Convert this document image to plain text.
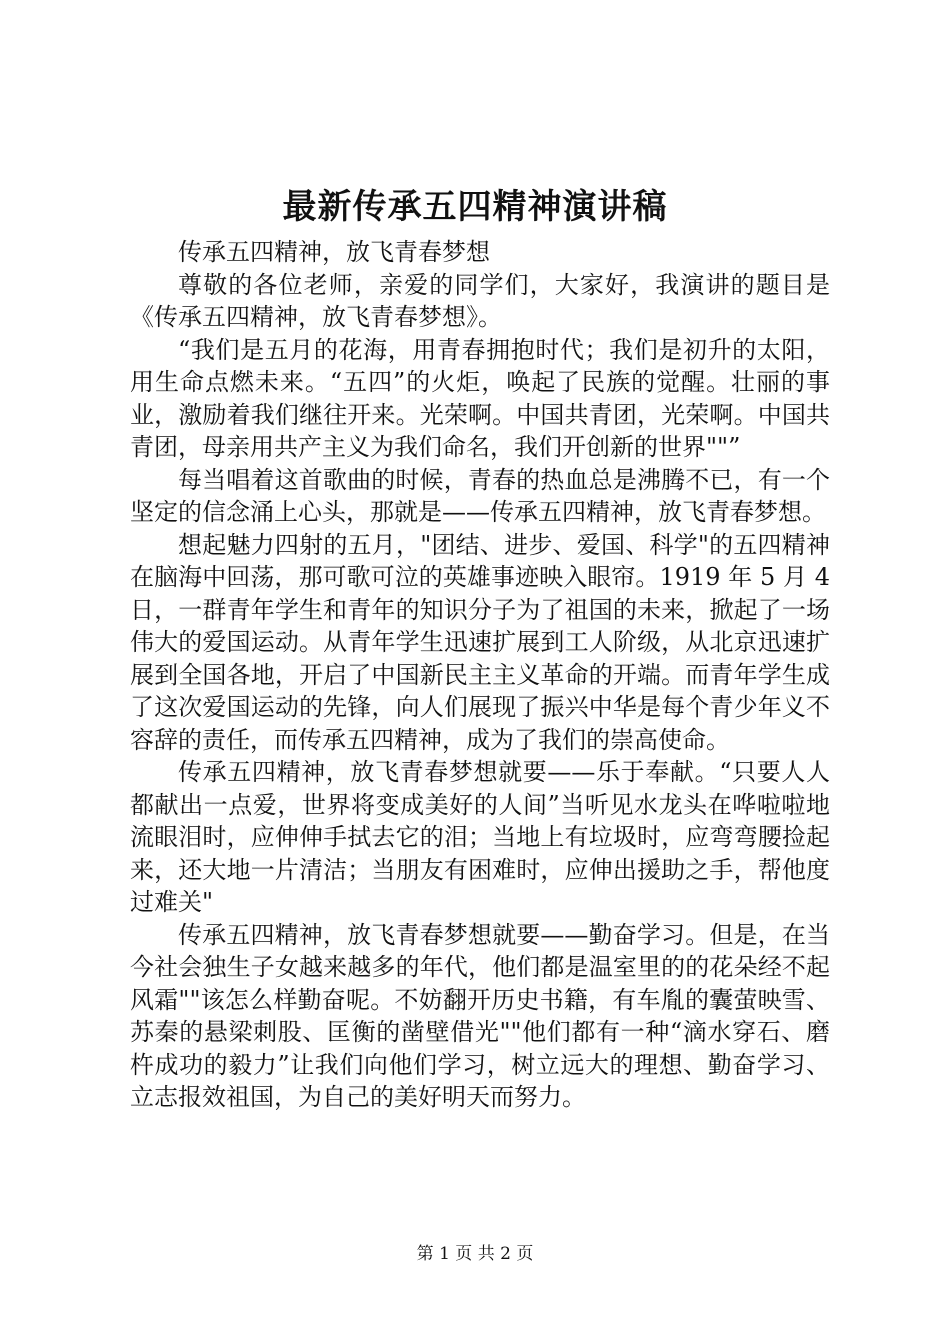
最新传承五四精神演讲稿

传承五四精神，放飞青春梦想

尊敬的各位老师，亲爱的同学们，大家好，我演讲的题目是《传承五四精神，放飞青春梦想》。

“我们是五月的花海，用青春拥抱时代；我们是初升的太阳，用生命点燃未来。“五四”的火炬，唤起了民族的觉醒。壮丽的事业，激励着我们继往开来。光荣啊。中国共青团，光荣啊。中国共青团，母亲用共产主义为我们命名，我们开创新的世界""”

每当唱着这首歌曲的时候，青春的热血总是沸腾不已，有一个坚定的信念涌上心头，那就是——传承五四精神，放飞青春梦想。

想起魅力四射的五月，"团结、进步、爱国、科学"的五四精神在脑海中回荡，那可歌可泣的英雄事迹映入眼帘。1919 年 5 月 4 日，一群青年学生和青年的知识分子为了祖国的未来，掀起了一场伟大的爱国运动。从青年学生迅速扩展到工人阶级，从北京迅速扩展到全国各地，开启了中国新民主主义革命的开端。而青年学生成了这次爱国运动的先锋，向人们展现了振兴中华是每个青少年义不容辞的责任，而传承五四精神，成为了我们的崇高使命。

传承五四精神，放飞青春梦想就要——乐于奉献。“只要人人都献出一点爱，世界将变成美好的人间”当听见水龙头在哗啦啦地流眼泪时，应伸伸手拭去它的泪；当地上有垃圾时，应弯弯腰捡起来，还大地一片清洁；当朋友有困难时，应伸出援助之手，帮他度过难关"

传承五四精神，放飞青春梦想就要——勤奋学习。但是，在当今社会独生子女越来越多的年代，他们都是温室里的的花朵经不起风霜""该怎么样勤奋呢。不妨翻开历史书籍，有车胤的囊萤映雪、苏秦的悬梁刺股、匡衡的凿壁借光""他们都有一种“滴水穿石、磨杵成功的毅力”让我们向他们学习，树立远大的理想、勤奋学习、立志报效祖国，为自己的美好明天而努力。

第 1 页 共 2 页
